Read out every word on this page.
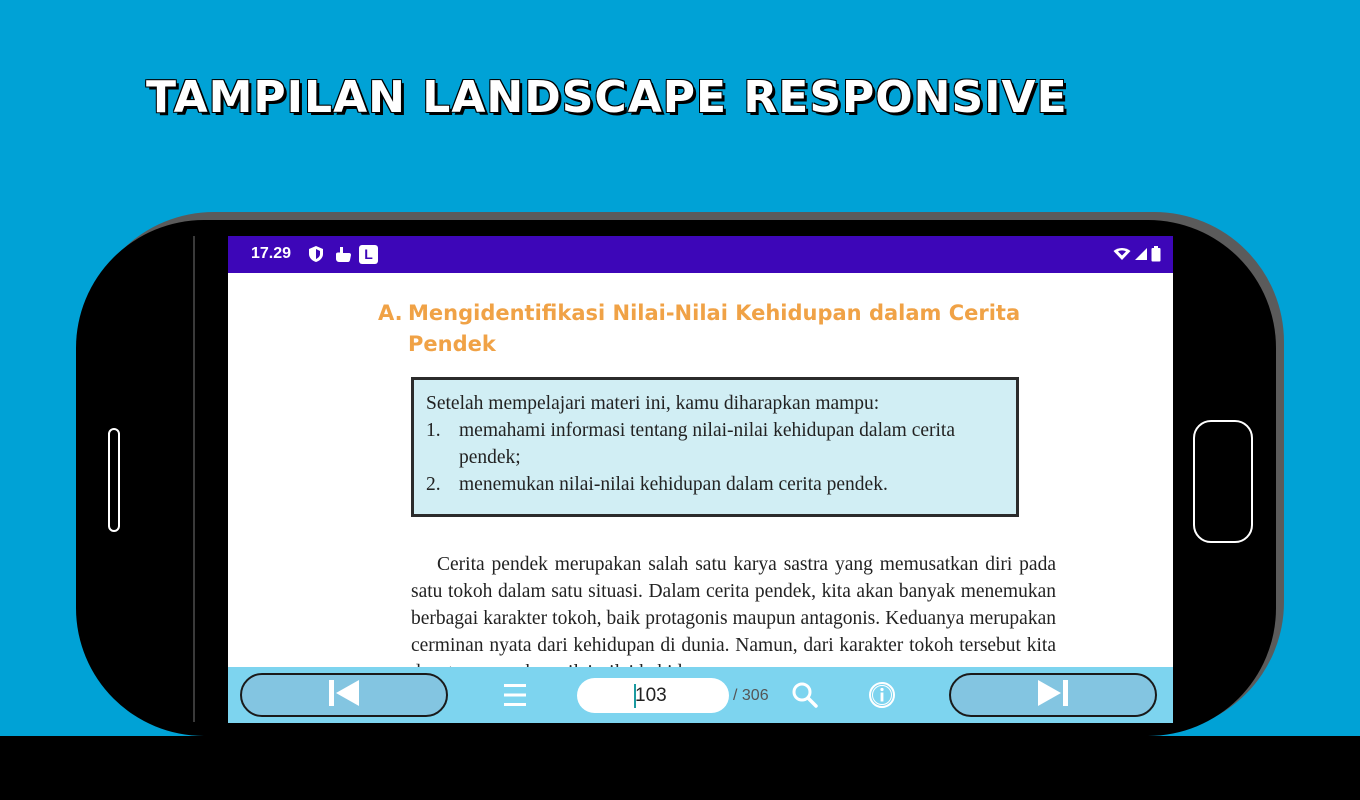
TAMPILAN LANDSCAPE RESPONSIVE
17.29	L
A. Mengidentifikasi Nilai-Nilai Kehidupan dalam Cerita Pendek
Setelah mempelajari materi ini, kamu diharapkan mampu:
1. memahami informasi tentang nilai-nilai kehidupan dalam cerita pendek;
2. menemukan nilai-nilai kehidupan dalam cerita pendek.
Cerita pendek merupakan salah satu karya sastra yang memusatkan diri pada satu tokoh dalam satu situasi. Dalam cerita pendek, kita akan banyak menemukan berbagai karakter tokoh, baik protagonis maupun antagonis. Keduanya merupakan cerminan nyata dari kehidupan di dunia. Namun, dari karakter tokoh tersebut kita
103
/ 306
